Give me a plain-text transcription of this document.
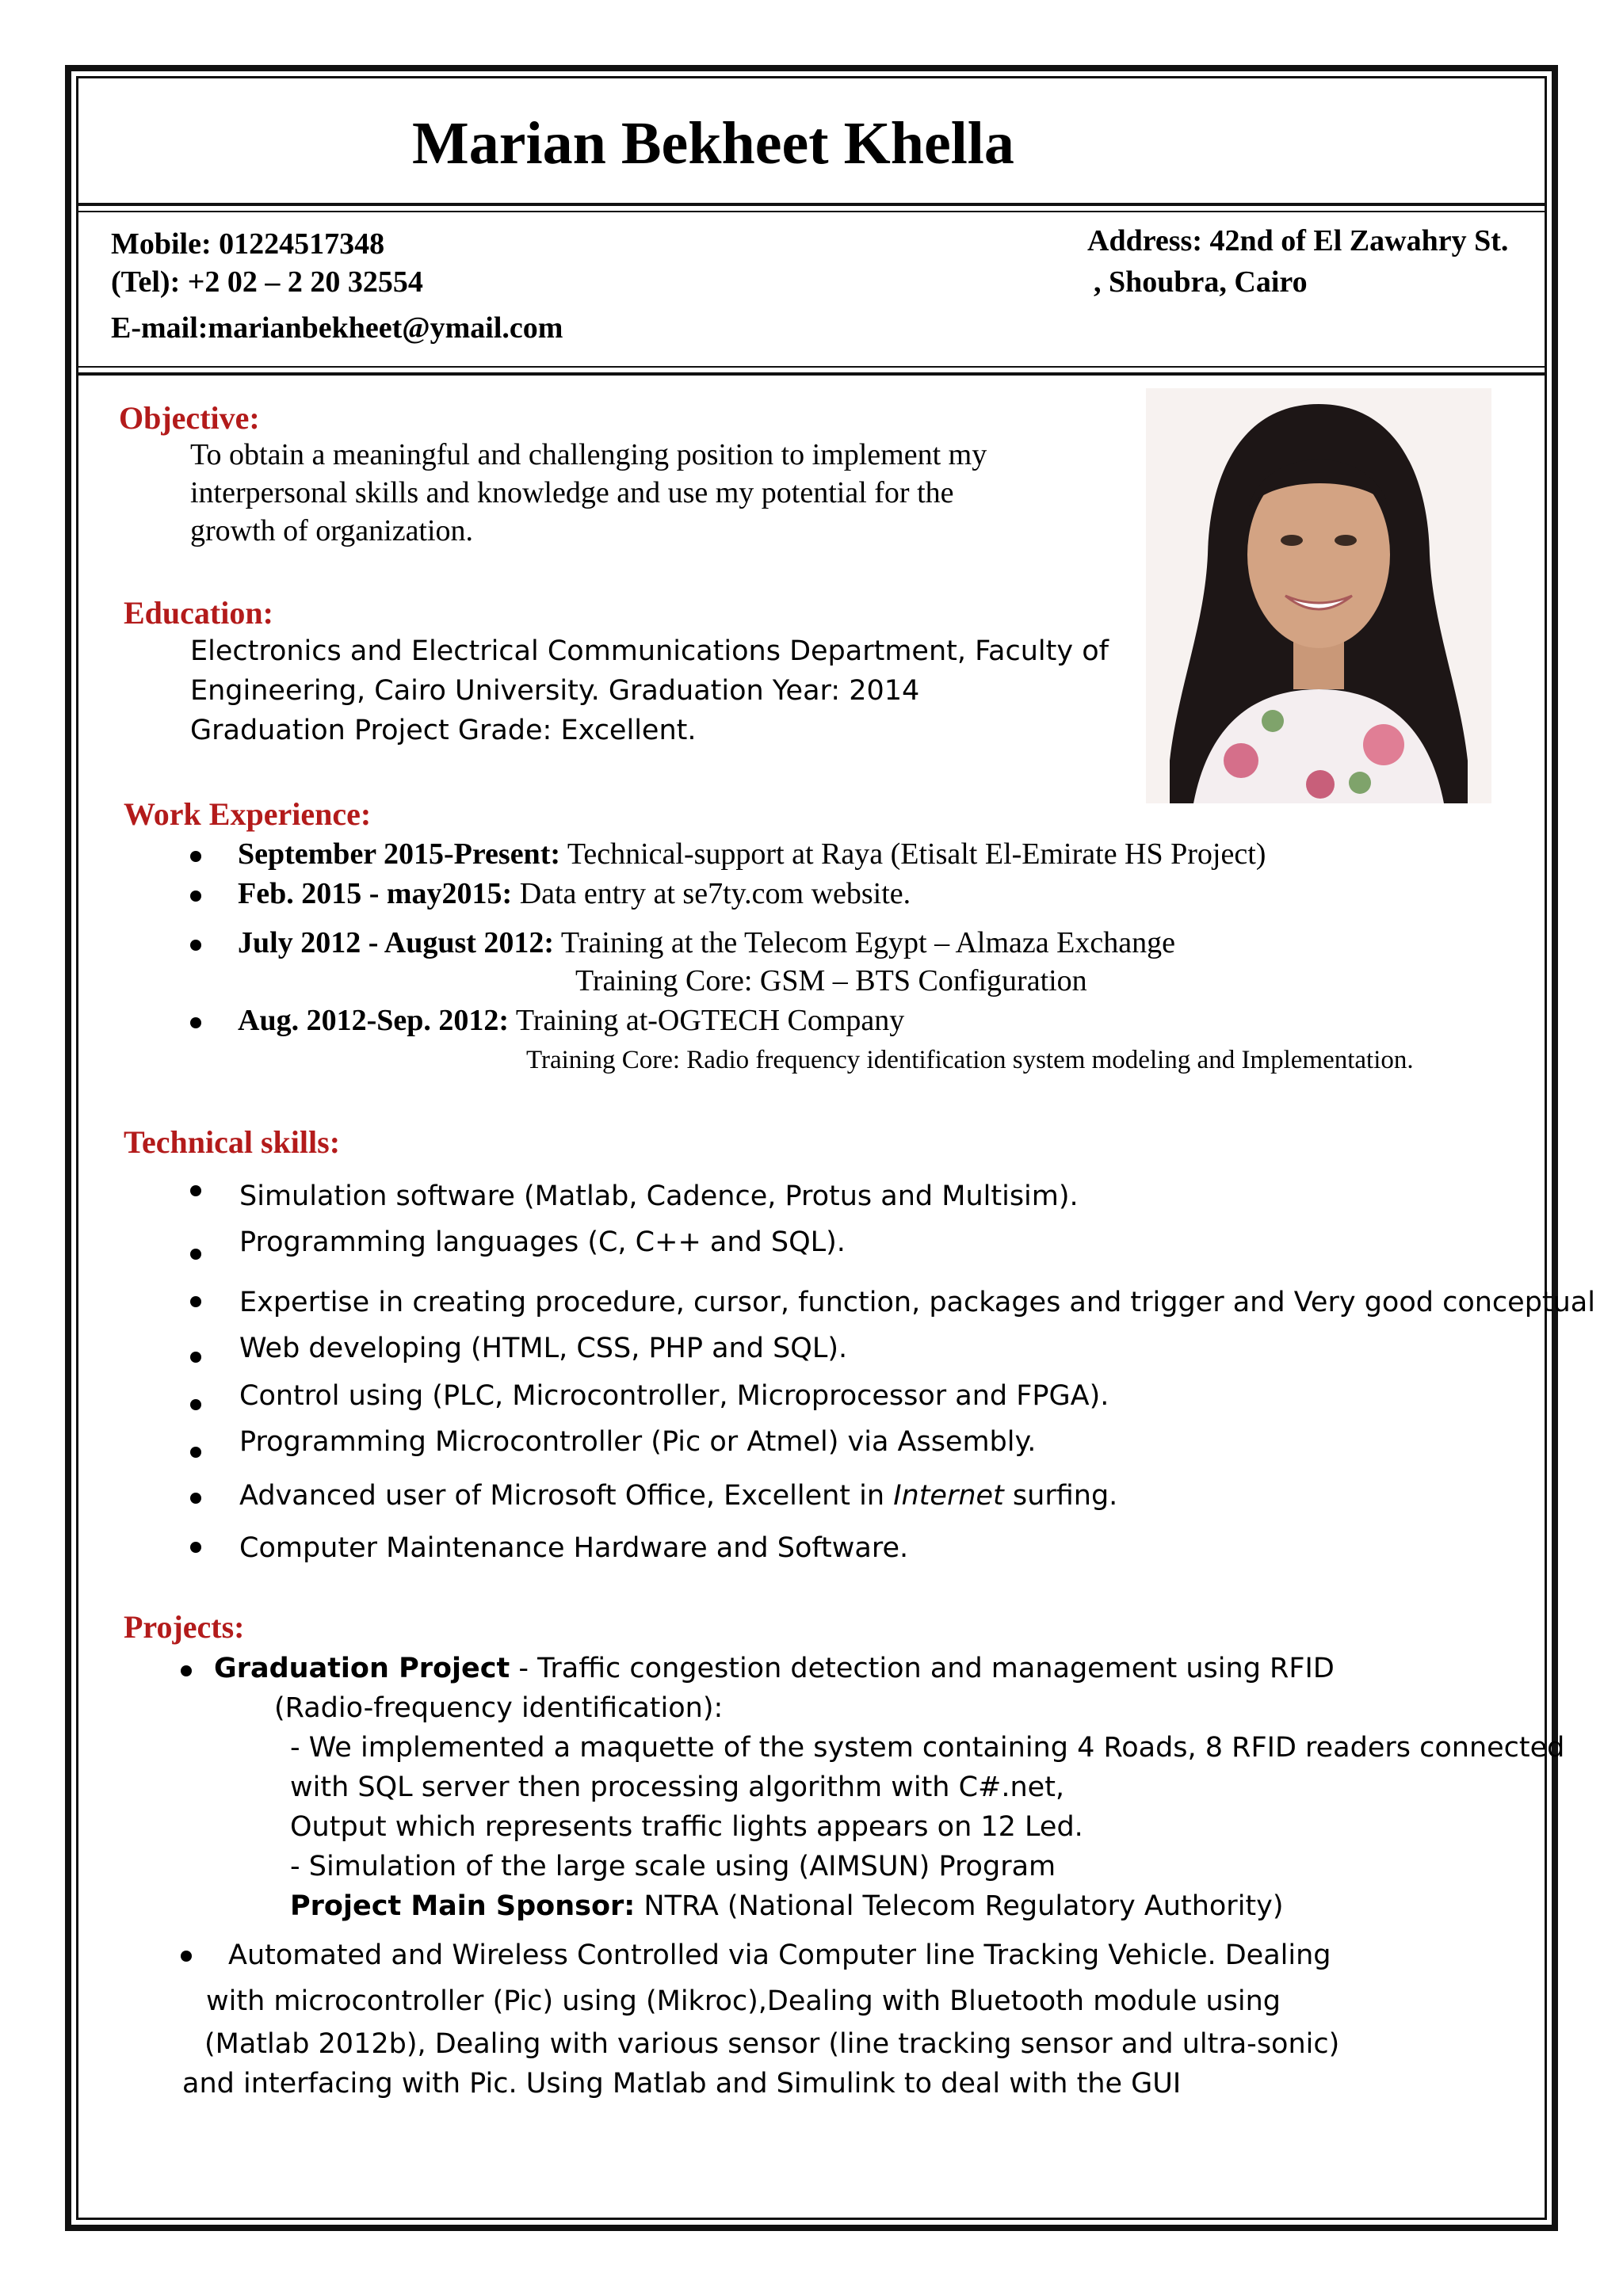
Marian Bekheet Khella
Mobile: 01224517348
(Tel): +2 02 – 2 20 32554
E-mail:marianbekheet@ymail.com
Address: 42nd of El Zawahry St.
, Shoubra, Cairo
Objective:
To obtain a meaningful and challenging position to implement my
interpersonal skills and knowledge and use my potential for the
growth of organization.
Education:
Electronics and Electrical Communications Department, Faculty of
Engineering, Cairo University. Graduation Year: 2014
Graduation Project Grade: Excellent.
Work Experience:
September 2015-Present: Technical-support at Raya (Etisalt El-Emirate HS Project)
Feb. 2015 - may2015: Data entry at se7ty.com website.
July 2012 - August 2012: Training at the Telecom Egypt – Almaza Exchange
Training Core: GSM – BTS Configuration
Aug. 2012-Sep. 2012: Training at-OGTECH Company
Training Core: Radio frequency identification system modeling and Implementation.
Technical skills:
Simulation software (Matlab, Cadence, Protus and Multisim).
Programming languages (C, C++ and SQL).
Expertise in creating procedure, cursor, function, packages and trigger and Very good conceptual
Web developing (HTML, CSS, PHP and SQL).
Control using (PLC, Microcontroller, Microprocessor and FPGA).
Programming Microcontroller (Pic or Atmel) via Assembly.
Advanced user of Microsoft Office, Excellent in Internet surfing.
Computer Maintenance Hardware and Software.
Projects:
Graduation Project - Traffic congestion detection and management using RFID
(Radio-frequency identification):
- We implemented a maquette of the system containing 4 Roads, 8 RFID readers connected
with SQL server then processing algorithm with C#.net,
Output which represents traffic lights appears on 12 Led.
- Simulation of the large scale using (AIMSUN) Program
Project Main Sponsor: NTRA (National Telecom Regulatory Authority)
Automated and Wireless Controlled via Computer line Tracking Vehicle. Dealing
with microcontroller (Pic) using (Mikroc),Dealing with Bluetooth module using
(Matlab 2012b), Dealing with various sensor (line tracking sensor and ultra-sonic)
and interfacing with Pic. Using Matlab and Simulink to deal with the GUI
